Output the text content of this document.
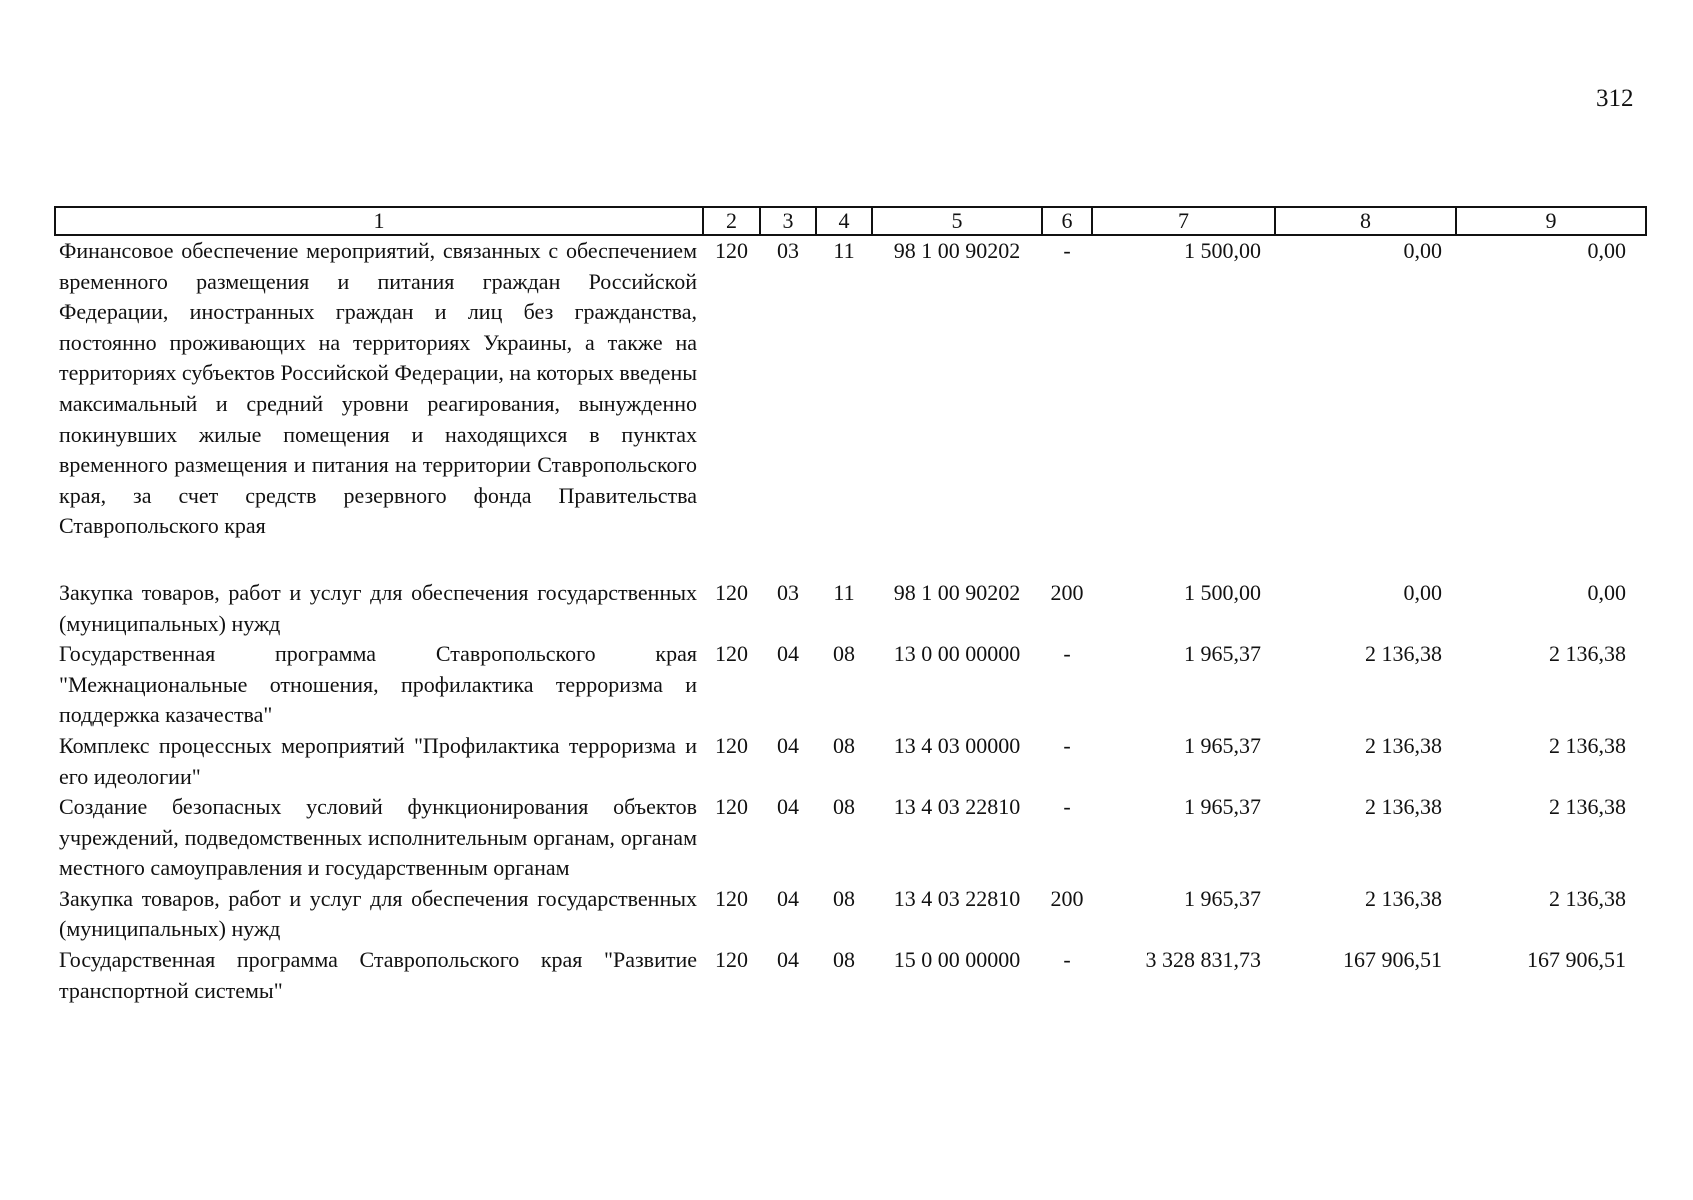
312
1	2	3	4	5	6	7	8	9
Финансовое обеспечение мероприятий, связанных с обеспечением временного размещения и питания граждан Российской Федерации, иностранных граждан и лиц без гражданства, постоянно проживающих на территориях Украины, а также на территориях субъектов Российской Федерации, на которых введены максимальный и средний уровни реагирования, вынужденно покинувших жилые помещения и находящихся в пунктах временного размещения и питания на территории Ставропольского края, за счет средств резервного фонда Правительства Ставропольского края	120	03	11	98 1 00 90202	-	1 500,00	0,00	0,00
Закупка товаров, работ и услуг для обеспечения государственных (муниципальных) нужд	120	03	11	98 1 00 90202	200	1 500,00	0,00	0,00
Государственная программа Ставропольского края "Межнациональные отношения, профилактика терроризма и поддержка казачества"	120	04	08	13 0 00 00000	-	1 965,37	2 136,38	2 136,38
Комплекс процессных мероприятий "Профилактика терроризма и его идеологии"	120	04	08	13 4 03 00000	-	1 965,37	2 136,38	2 136,38
Создание безопасных условий функционирования объектов учреждений, подведомственных исполнительным органам, органам местного самоуправления и государственным органам	120	04	08	13 4 03 22810	-	1 965,37	2 136,38	2 136,38
Закупка товаров, работ и услуг для обеспечения государственных (муниципальных) нужд	120	04	08	13 4 03 22810	200	1 965,37	2 136,38	2 136,38
Государственная программа Ставропольского края "Развитие транспортной системы"	120	04	08	15 0 00 00000	-	3 328 831,73	167 906,51	167 906,51
